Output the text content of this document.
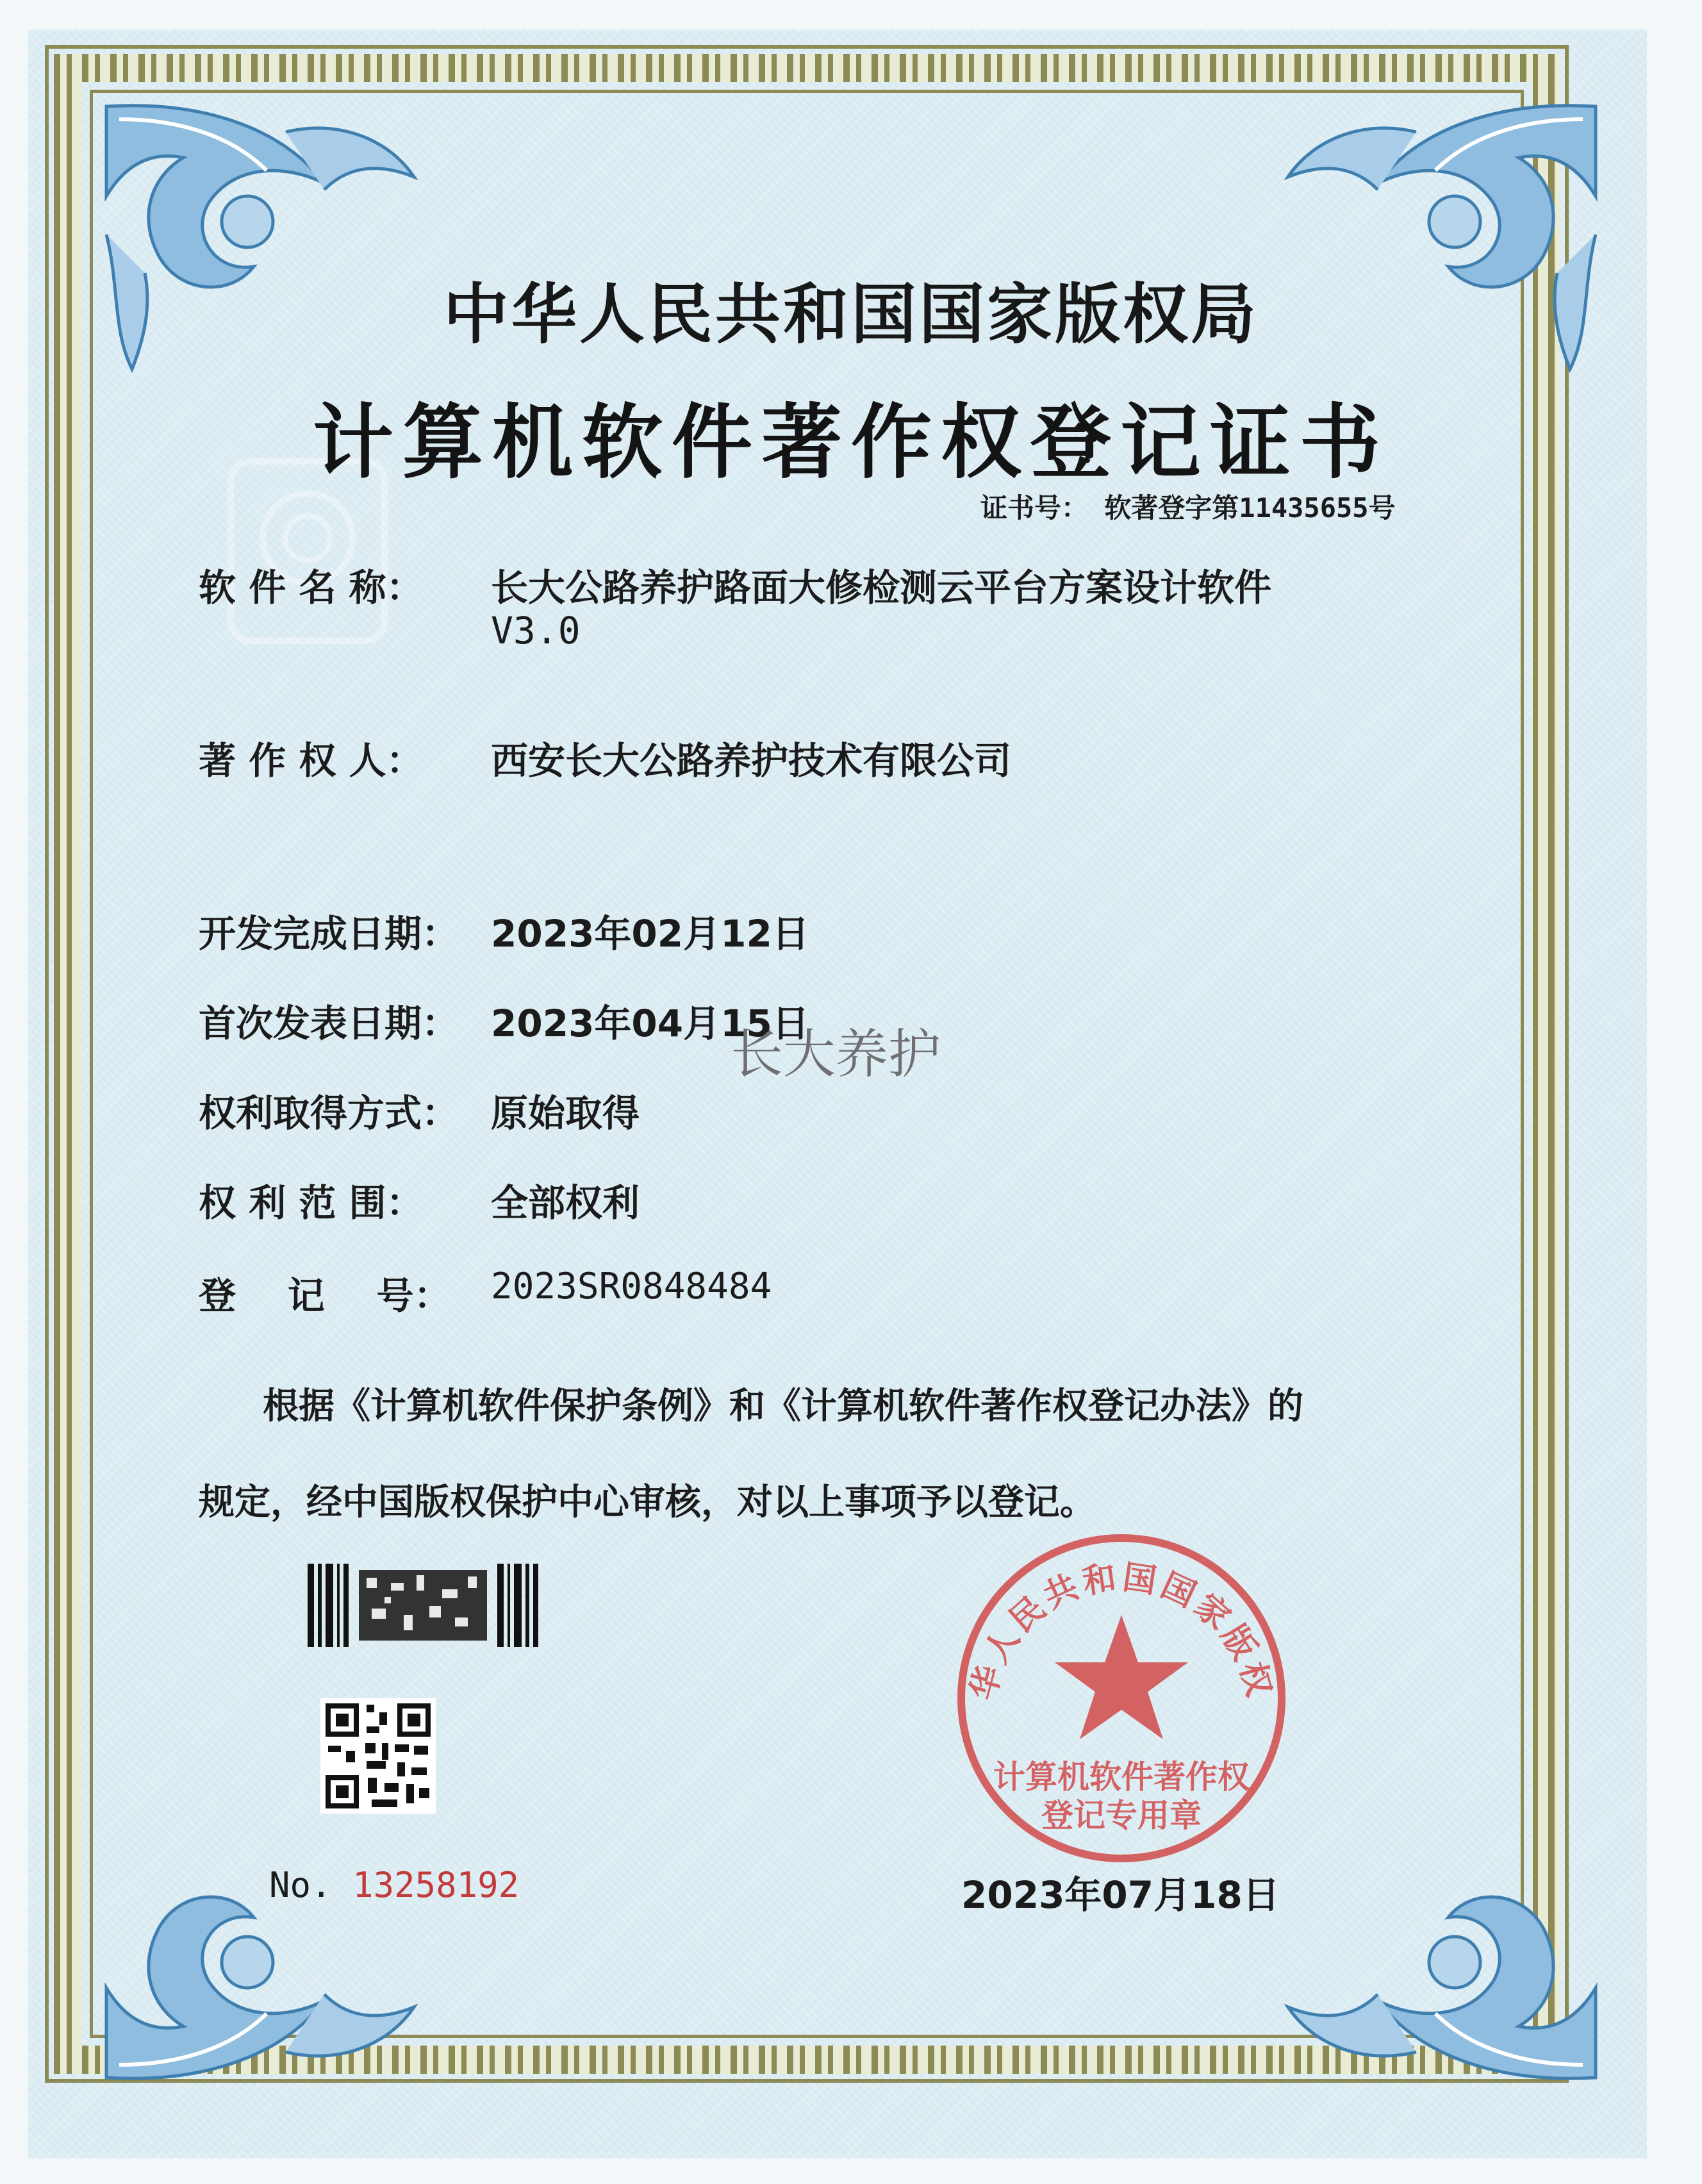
中华人民共和国国家版权局
计算机软件著作权登记证书
证书号： 软著登字第11435655号
软 件 名 称： 长大公路养护路面大修检测云平台方案设计软件
V3.0
著 作 权 人： 西安长大公路养护技术有限公司
开发完成日期： 2023年02月12日
首次发表日期： 2023年04月15日
长大养护
权利取得方式： 原始取得
权 利 范 围： 全部权利
登    记    号： 2023SR0848484
根据《计算机软件保护条例》和《计算机软件著作权登记办法》的
规定，经中国版权保护中心审核，对以上事项予以登记。
No. 13258192
华人民共和国国家版权
计算机软件著作权
登记专用章
2023年07月18日
